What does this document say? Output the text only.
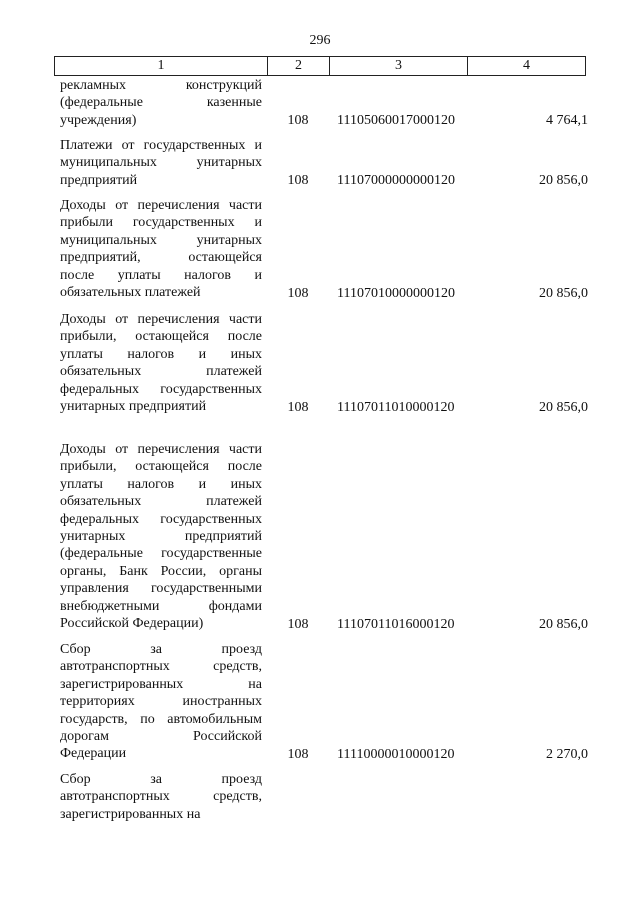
296
1	2	3	4
рекламных конструкций
(федеральные казенные
учреждения)	108 11105060017000120	4 764,1
Платежи от государственных и
муниципальных унитарных
предприятий	108 11107000000000120	20 856,0
Доходы от перечисления части
прибыли государственных и
муниципальных унитарных
предприятий, остающейся
после уплаты налогов и
обязательных платежей	108 11107010000000120	20 856,0
Доходы от перечисления части
прибыли, остающейся после
уплаты налогов и иных
обязательных платежей
федеральных государственных
унитарных предприятий	108 11107011010000120	20 856,0
Доходы от перечисления части
прибыли, остающейся после
уплаты налогов и иных
обязательных платежей
федеральных государственных
унитарных предприятий
(федеральные государственные
органы, Банк России, органы
управления государственными
внебюджетными фондами
Российской Федерации)	108 11107011016000120	20 856,0
Сбор за проезд
автотранспортных средств,
зарегистрированных на
территориях иностранных
государств, по автомобильным
дорогам Российской
Федерации	108 11110000010000120	2 270,0
Сбор за проезд
автотранспортных средств,
зарегистрированных на
